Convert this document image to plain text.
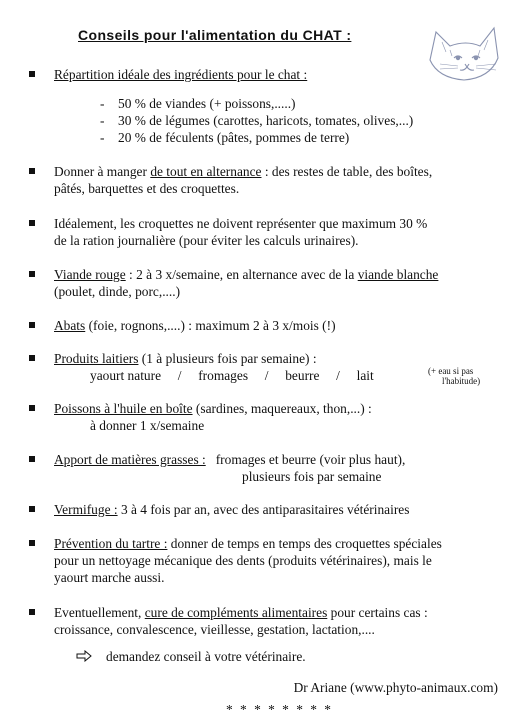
Conseils pour l'alimentation du CHAT :
Répartition idéale des ingrédients pour le chat :
- 50 % de viandes (+ poissons,.....)
- 30 % de légumes (carottes, haricots, tomates, olives,...)
- 20 % de féculents (pâtes, pommes de terre)
Donner à manger de tout en alternance : des restes de table, des boîtes,
pâtés, barquettes et des croquettes.
Idéalement, les croquettes ne doivent représenter que maximum 30 %
de la ration journalière (pour éviter les calculs urinaires).
Viande rouge : 2 à 3 x/semaine, en alternance avec de la viande blanche
(poulet, dinde, porc,....)
Abats (foie, rognons,....) : maximum 2 à 3 x/mois (!)
Produits laitiers (1 à plusieurs fois par semaine) :
yaourt nature     /     fromages     /     beurre     /     lait	(+ eau si pas
l'habitude)
Poissons à l'huile en boîte (sardines, maquereaux, thon,...) :
à donner 1 x/semaine
Apport de matières grasses : fromages et beurre (voir plus haut),
plusieurs fois par semaine
Vermifuge : 3 à 4 fois par an, avec des antiparasitaires vétérinaires
Prévention du tartre : donner de temps en temps des croquettes spéciales
pour un nettoyage mécanique des dents (produits vétérinaires), mais le
yaourt marche aussi.
Eventuellement, cure de compléments alimentaires pour certains cas :
croissance, convalescence, vieillesse, gestation, lactation,....
demandez conseil à votre vétérinaire.
Dr Ariane (www.phyto-animaux.com)
* * * * * * * *
